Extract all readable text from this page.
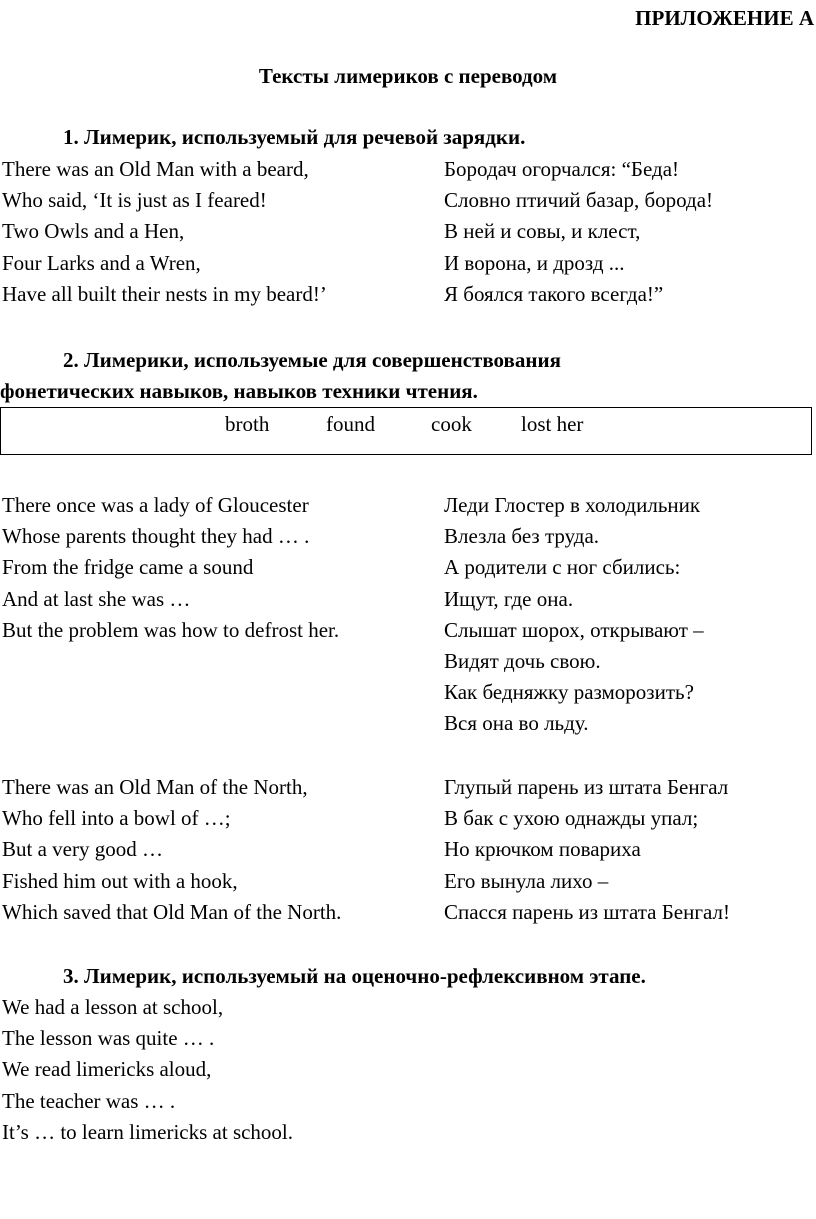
ПРИЛОЖЕНИЕ А
Тексты лимериков с переводом
1. Лимерик, используемый для речевой зарядки.
There was an Old Man with a beard,	Бородач огорчался: “Беда!
Who said, ‘It is just as I feared!	Словно птичий базар, борода!
Two Owls and a Hen,	В ней и совы, и клест,
Four Larks and a Wren,	И ворона, и дрозд ...
Have all built their nests in my beard!’	Я боялся такого всегда!”
2. Лимерики, используемые для совершенствования
фонетических навыков, навыков техники чтения.
broth	found	cook lost her
There once was a lady of Gloucester	Леди Глостер в холодильник
Whose parents thought they had … .	Влезла без труда.
From the fridge came a sound	А родители с ног сбились:
And at last she was …	Ищут, где она.
But the problem was how to defrost her.	Слышат шорох, открывают –
Видят дочь свою.
Как бедняжку разморозить?
Вся она во льду.
There was an Old Man of the North,	Глупый парень из штата Бенгал
Who fell into a bowl of …;	В бак с ухою однажды упал;
But a very good …	Но крючком повариха
Fished him out with a hook,	Его вынула лихо –
Which saved that Old Man of the North.	Спасся парень из штата Бенгал!
3. Лимерик, используемый на оценочно-рефлексивном этапе.
We had a lesson at school,
The lesson was quite … .
We read limericks aloud,
The teacher was … .
It’s … to learn limericks at school.
